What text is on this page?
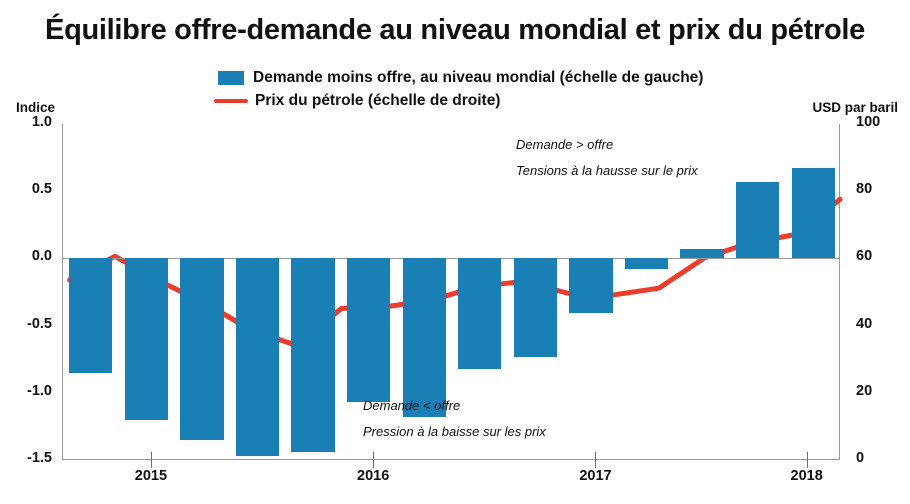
Équilibre offre-demande au niveau mondial et prix du pétrole
Demande moins offre, au niveau mondial (échelle de gauche)
Prix du pétrole (échelle de droite)
Indice	USD par baril
1.0
0.5
0.0
-0.5
-1.0
-1.5
100
80
60
40
20
0
2015	2016	2017	2018
Demande > offre
Tensions à la hausse sur le prix
Demande < offre
Pression à la baisse sur les prix
